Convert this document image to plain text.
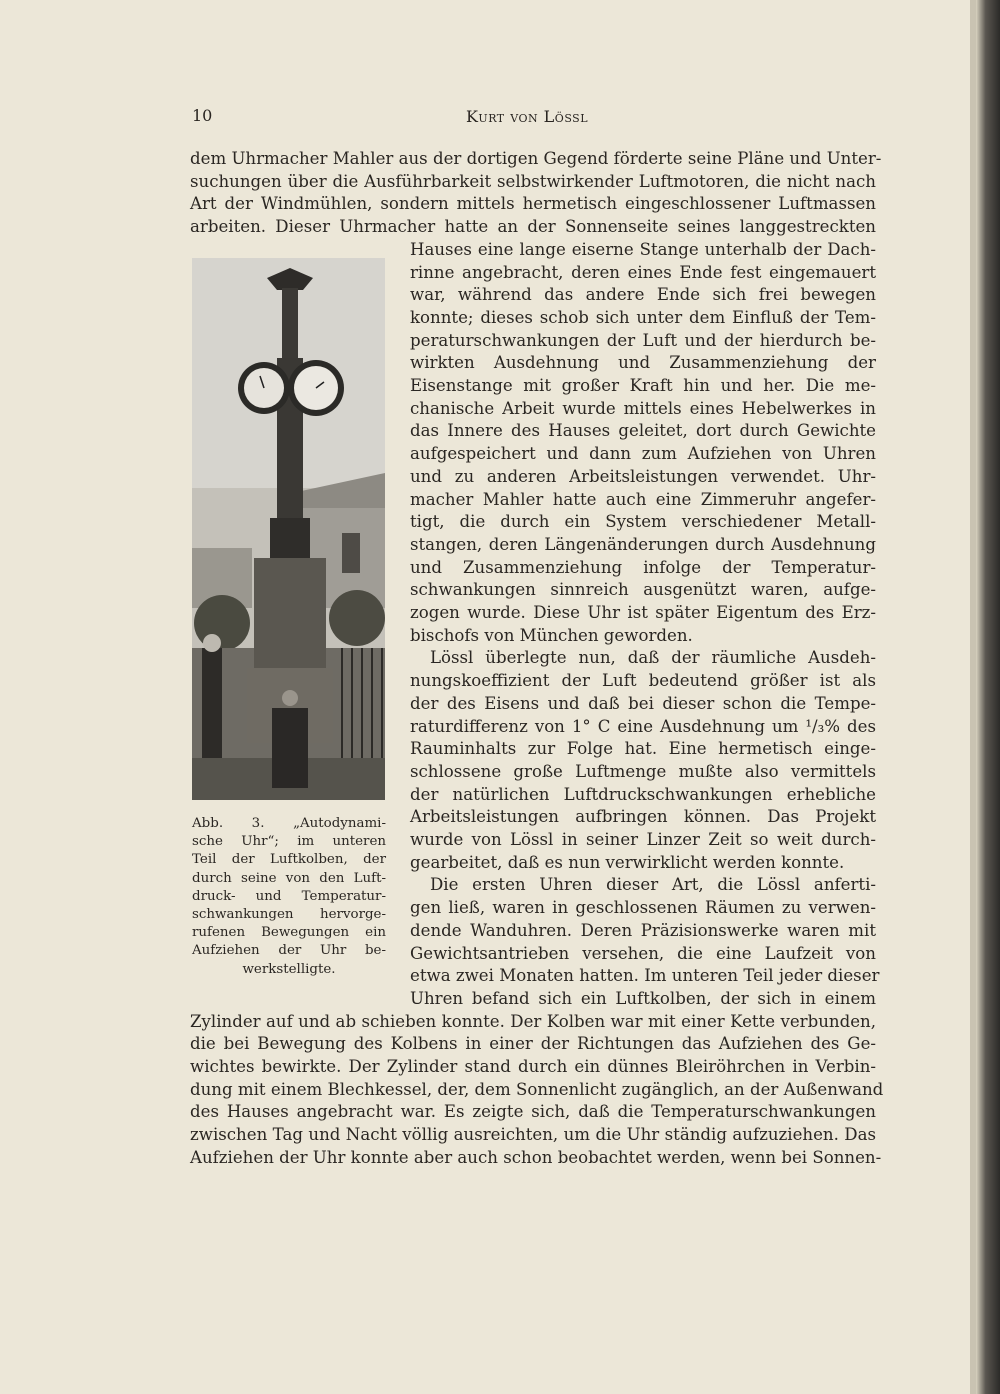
10	Kurt von Lössl
dem Uhrmacher Mahler aus der dortigen Gegend förderte seine Pläne und Unter-
suchungen über die Ausführbarkeit selbstwirkender Luftmotoren, die nicht nach
Art der Windmühlen, sondern mittels hermetisch eingeschlossener Luftmassen
arbeiten. Dieser Uhrmacher hatte an der Sonnenseite seines langgestreckten
Hauses eine lange eiserne Stange unterhalb der Dach-
rinne angebracht, deren eines Ende fest eingemauert
war, während das andere Ende sich frei bewegen
konnte; dieses schob sich unter dem Einfluß der Tem-
peraturschwankungen der Luft und der hierdurch be-
wirkten Ausdehnung und Zusammenziehung der
Eisenstange mit großer Kraft hin und her. Die me-
chanische Arbeit wurde mittels eines Hebelwerkes in
das Innere des Hauses geleitet, dort durch Gewichte
aufgespeichert und dann zum Aufziehen von Uhren
und zu anderen Arbeitsleistungen verwendet. Uhr-
macher Mahler hatte auch eine Zimmeruhr angefer-
tigt, die durch ein System verschiedener Metall-
stangen, deren Längenänderungen durch Ausdehnung
und Zusammenziehung infolge der Temperatur-
schwankungen sinnreich ausgenützt waren, aufge-
zogen wurde. Diese Uhr ist später Eigentum des Erz-
bischofs von München geworden.
Lössl überlegte nun, daß der räumliche Ausdeh-
nungskoeffizient der Luft bedeutend größer ist als
der des Eisens und daß bei dieser schon die Tempe-
raturdifferenz von 1° C eine Ausdehnung um ¹/₃% des
Rauminhalts zur Folge hat. Eine hermetisch einge-
schlossene große Luftmenge mußte also vermittels
der natürlichen Luftdruckschwankungen erhebliche
Arbeitsleistungen aufbringen können. Das Projekt
wurde von Lössl in seiner Linzer Zeit so weit durch-
gearbeitet, daß es nun verwirklicht werden konnte.
Die ersten Uhren dieser Art, die Lössl anferti-
gen ließ, waren in geschlossenen Räumen zu verwen-
dende Wanduhren. Deren Präzisionswerke waren mit
Gewichtsantrieben versehen, die eine Laufzeit von
etwa zwei Monaten hatten. Im unteren Teil jeder dieser
Uhren befand sich ein Luftkolben, der sich in einem
Zylinder auf und ab schieben konnte. Der Kolben war mit einer Kette verbunden,
die bei Bewegung des Kolbens in einer der Richtungen das Aufziehen des Ge-
wichtes bewirkte. Der Zylinder stand durch ein dünnes Bleiröhrchen in Verbin-
dung mit einem Blechkessel, der, dem Sonnenlicht zugänglich, an der Außenwand
des Hauses angebracht war. Es zeigte sich, daß die Temperaturschwankungen
zwischen Tag und Nacht völlig ausreichten, um die Uhr ständig aufzuziehen. Das
Aufziehen der Uhr konnte aber auch schon beobachtet werden, wenn bei Sonnen-
Abb. 3. „Autodynami-
sche Uhr“; im unteren
Teil der Luftkolben, der
durch seine von den Luft-
druck- und Temperatur-
schwankungen hervorge-
rufenen Bewegungen ein
Aufziehen der Uhr be-
werkstelligte.
